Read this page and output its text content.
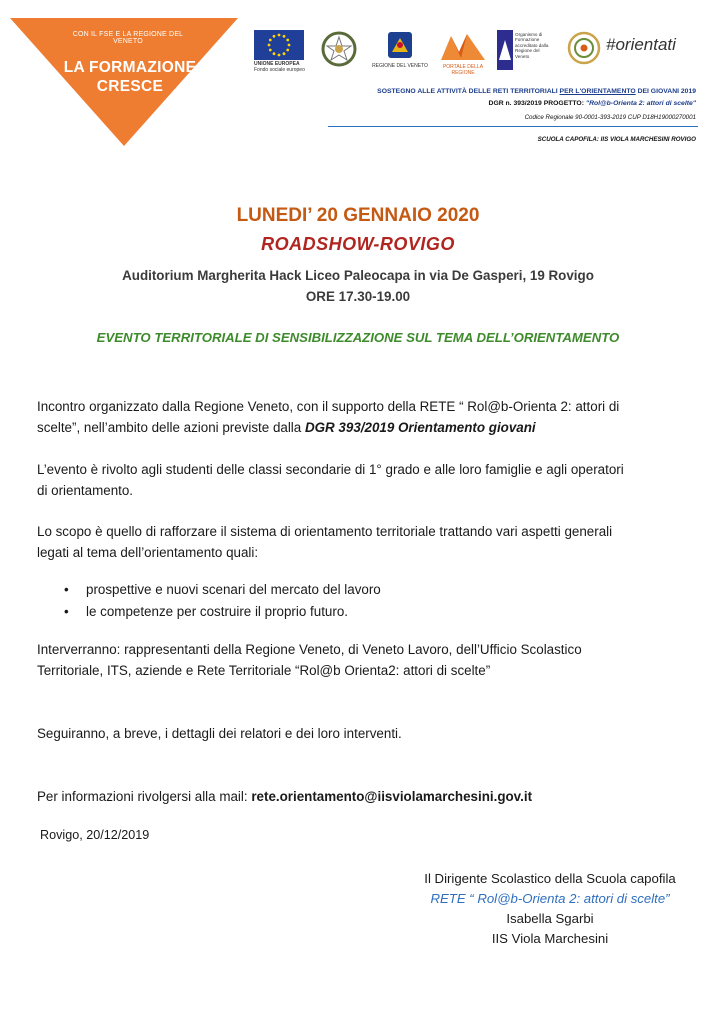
CON IL FSE E LA REGIONE DEL VENETO
LA FORMAZIONE
CRESCE
UNIONE EUROPEA
Fondo sociale europeo
REGIONE DEL VENETO	PORTALE DELLA REGIONE
Organismo di Formazione accreditato dalla Regione del Veneto
#orientati
SOSTEGNO ALLE ATTIVITÀ DELLE RETI TERRITORIALI PER L'ORIENTAMENTO DEI GIOVANI 2019
DGR n. 393/2019 PROGETTO: "Rol@b-Orienta 2: attori di scelte"
Codice Regionale 90-0001-393-2019 CUP D18H19000270001
SCUOLA CAPOFILA: IIS VIOLA MARCHESINI ROVIGO
LUNEDI’ 20 GENNAIO 2020
ROADSHOW-ROVIGO
Auditorium Margherita Hack Liceo Paleocapa in via De Gasperi, 19 Rovigo
ORE 17.30-19.00
EVENTO TERRITORIALE DI SENSIBILIZZAZIONE SUL TEMA DELL’ORIENTAMENTO
Incontro organizzato dalla Regione Veneto, con il supporto della RETE “ Rol@b-Orienta 2: attori di
scelte”, nell’ambito delle azioni previste dalla DGR 393/2019 Orientamento giovani
L’evento è rivolto agli studenti delle classi secondarie di 1° grado e alle loro famiglie e agli operatori
di orientamento.
Lo scopo è quello di rafforzare il sistema di orientamento territoriale trattando vari aspetti generali
legati al tema dell’orientamento quali:
• prospettive e nuovi scenari del mercato del lavoro
• le competenze per costruire il proprio futuro.
Interverranno: rappresentanti della Regione Veneto, di Veneto Lavoro, dell’Ufficio Scolastico
Territoriale, ITS, aziende e Rete Territoriale “Rol@b Orienta2: attori di scelte”
Seguiranno, a breve, i dettagli dei relatori e dei loro interventi.
Per informazioni rivolgersi alla mail: rete.orientamento@iisviolamarchesini.gov.it
Rovigo, 20/12/2019
Il Dirigente Scolastico della Scuola capofila
RETE “ Rol@b-Orienta 2: attori di scelte”
Isabella Sgarbi
IIS Viola Marchesini
